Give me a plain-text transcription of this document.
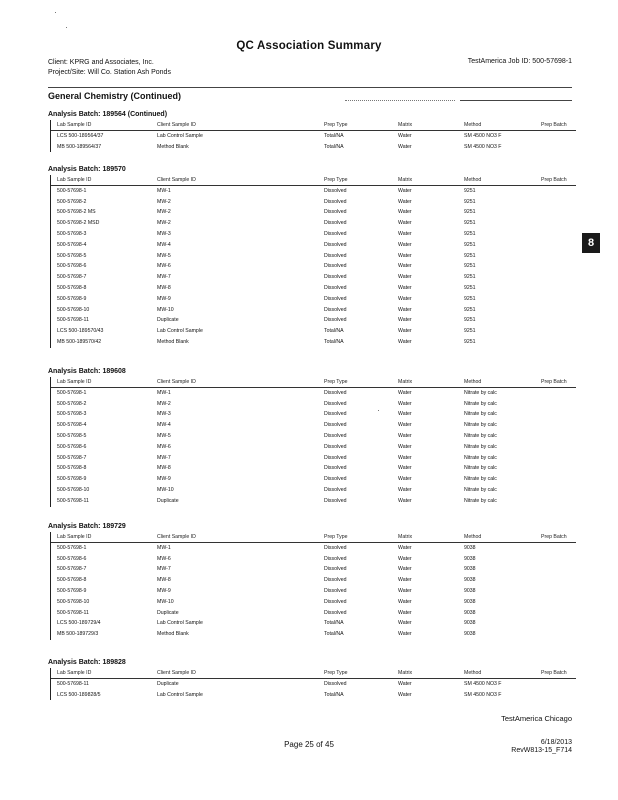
QC Association Summary
Client: KPRG and Associates, Inc.
Project/Site: Will Co. Station Ash Ponds
TestAmerica Job ID: 500-57698-1
General Chemistry (Continued)
Analysis Batch: 189564 (Continued)
Lab Sample ID	Client Sample ID	Prep Type	Matrix	Method	Prep Batch
LCS 500-189564/37	Lab Control Sample	Total/NA	Water	SM 4500 NO3 F
MB 500-189564/37	Method Blank	Total/NA	Water	SM 4500 NO3 F
Analysis Batch: 189570
Lab Sample ID	Client Sample ID	Prep Type	Matrix	Method	Prep Batch
500-57698-1	MW-1	Dissolved	Water	9251
500-57698-2	MW-2	Dissolved	Water	9251
500-57698-2 MS	MW-2	Dissolved	Water	9251
500-57698-2 MSD	MW-2	Dissolved	Water	9251
500-57698-3	MW-3	Dissolved	Water	9251
500-57698-4	MW-4	Dissolved	Water	9251
500-57698-5	MW-5	Dissolved	Water	9251
500-57698-6	MW-6	Dissolved	Water	9251
500-57698-7	MW-7	Dissolved	Water	9251
500-57698-8	MW-8	Dissolved	Water	9251
500-57698-9	MW-9	Dissolved	Water	9251
500-57698-10	MW-10	Dissolved	Water	9251
500-57698-11	Duplicate	Dissolved	Water	9251
LCS 500-189570/43	Lab Control Sample	Total/NA	Water	9251
MB 500-189570/42	Method Blank	Total/NA	Water	9251
Analysis Batch: 189608
Lab Sample ID	Client Sample ID	Prep Type	Matrix	Method	Prep Batch
500-57698-1	MW-1	Dissolved	Water	Nitrate by calc
500-57698-2	MW-2	Dissolved	Water	Nitrate by calc
500-57698-3	MW-3	Dissolved	Water	Nitrate by calc
500-57698-4	MW-4	Dissolved	Water	Nitrate by calc
500-57698-5	MW-5	Dissolved	Water	Nitrate by calc
500-57698-6	MW-6	Dissolved	Water	Nitrate by calc
500-57698-7	MW-7	Dissolved	Water	Nitrate by calc
500-57698-8	MW-8	Dissolved	Water	Nitrate by calc
500-57698-9	MW-9	Dissolved	Water	Nitrate by calc
500-57698-10	MW-10	Dissolved	Water	Nitrate by calc
500-57698-11	Duplicate	Dissolved	Water	Nitrate by calc
Analysis Batch: 189729
Lab Sample ID	Client Sample ID	Prep Type	Matrix	Method	Prep Batch
500-57698-1	MW-1	Dissolved	Water	9038
500-57698-6	MW-6	Dissolved	Water	9038
500-57698-7	MW-7	Dissolved	Water	9038
500-57698-8	MW-8	Dissolved	Water	9038
500-57698-9	MW-9	Dissolved	Water	9038
500-57698-10	MW-10	Dissolved	Water	9038
500-57698-11	Duplicate	Dissolved	Water	9038
LCS 500-189729/4	Lab Control Sample	Total/NA	Water	9038
MB 500-189729/3	Method Blank	Total/NA	Water	9038
Analysis Batch: 189828
Lab Sample ID	Client Sample ID	Prep Type	Matrix	Method	Prep Batch
500-57698-11	Duplicate	Dissolved	Water	SM 4500 NO3 F
LCS 500-189828/5	Lab Control Sample	Total/NA	Water	SM 4500 NO3 F
8
TestAmerica Chicago
Page 25 of 45	6/18/2013
RevW813-15_F714
